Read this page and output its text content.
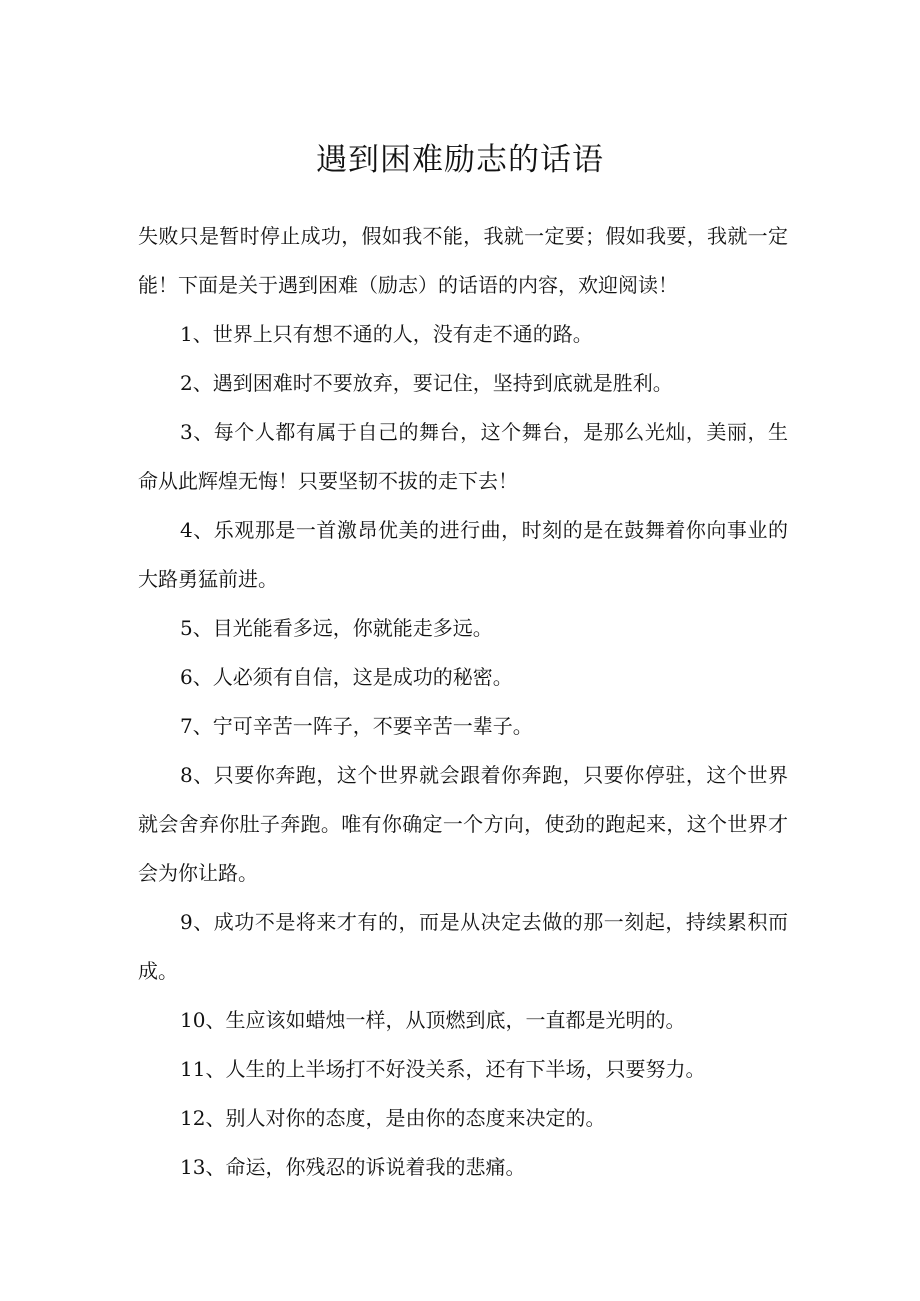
遇到困难励志的话语

失败只是暂时停止成功，假如我不能，我就一定要；假如我要，我就一定能！下面是关于遇到困难（励志）的话语的内容，欢迎阅读！

1、世界上只有想不通的人，没有走不通的路。

2、遇到困难时不要放弃，要记住，坚持到底就是胜利。

3、每个人都有属于自己的舞台，这个舞台，是那么光灿，美丽，生命从此辉煌无悔！只要坚韧不拔的走下去！

4、乐观那是一首激昂优美的进行曲，时刻的是在鼓舞着你向事业的大路勇猛前进。

5、目光能看多远，你就能走多远。

6、人必须有自信，这是成功的秘密。

7、宁可辛苦一阵子，不要辛苦一辈子。

8、只要你奔跑，这个世界就会跟着你奔跑，只要你停驻，这个世界就会舍弃你肚子奔跑。唯有你确定一个方向，使劲的跑起来，这个世界才会为你让路。

9、成功不是将来才有的，而是从决定去做的那一刻起，持续累积而成。

10、生应该如蜡烛一样，从顶燃到底，一直都是光明的。

11、人生的上半场打不好没关系，还有下半场，只要努力。

12、别人对你的态度，是由你的态度来决定的。

13、命运，你残忍的诉说着我的悲痛。
